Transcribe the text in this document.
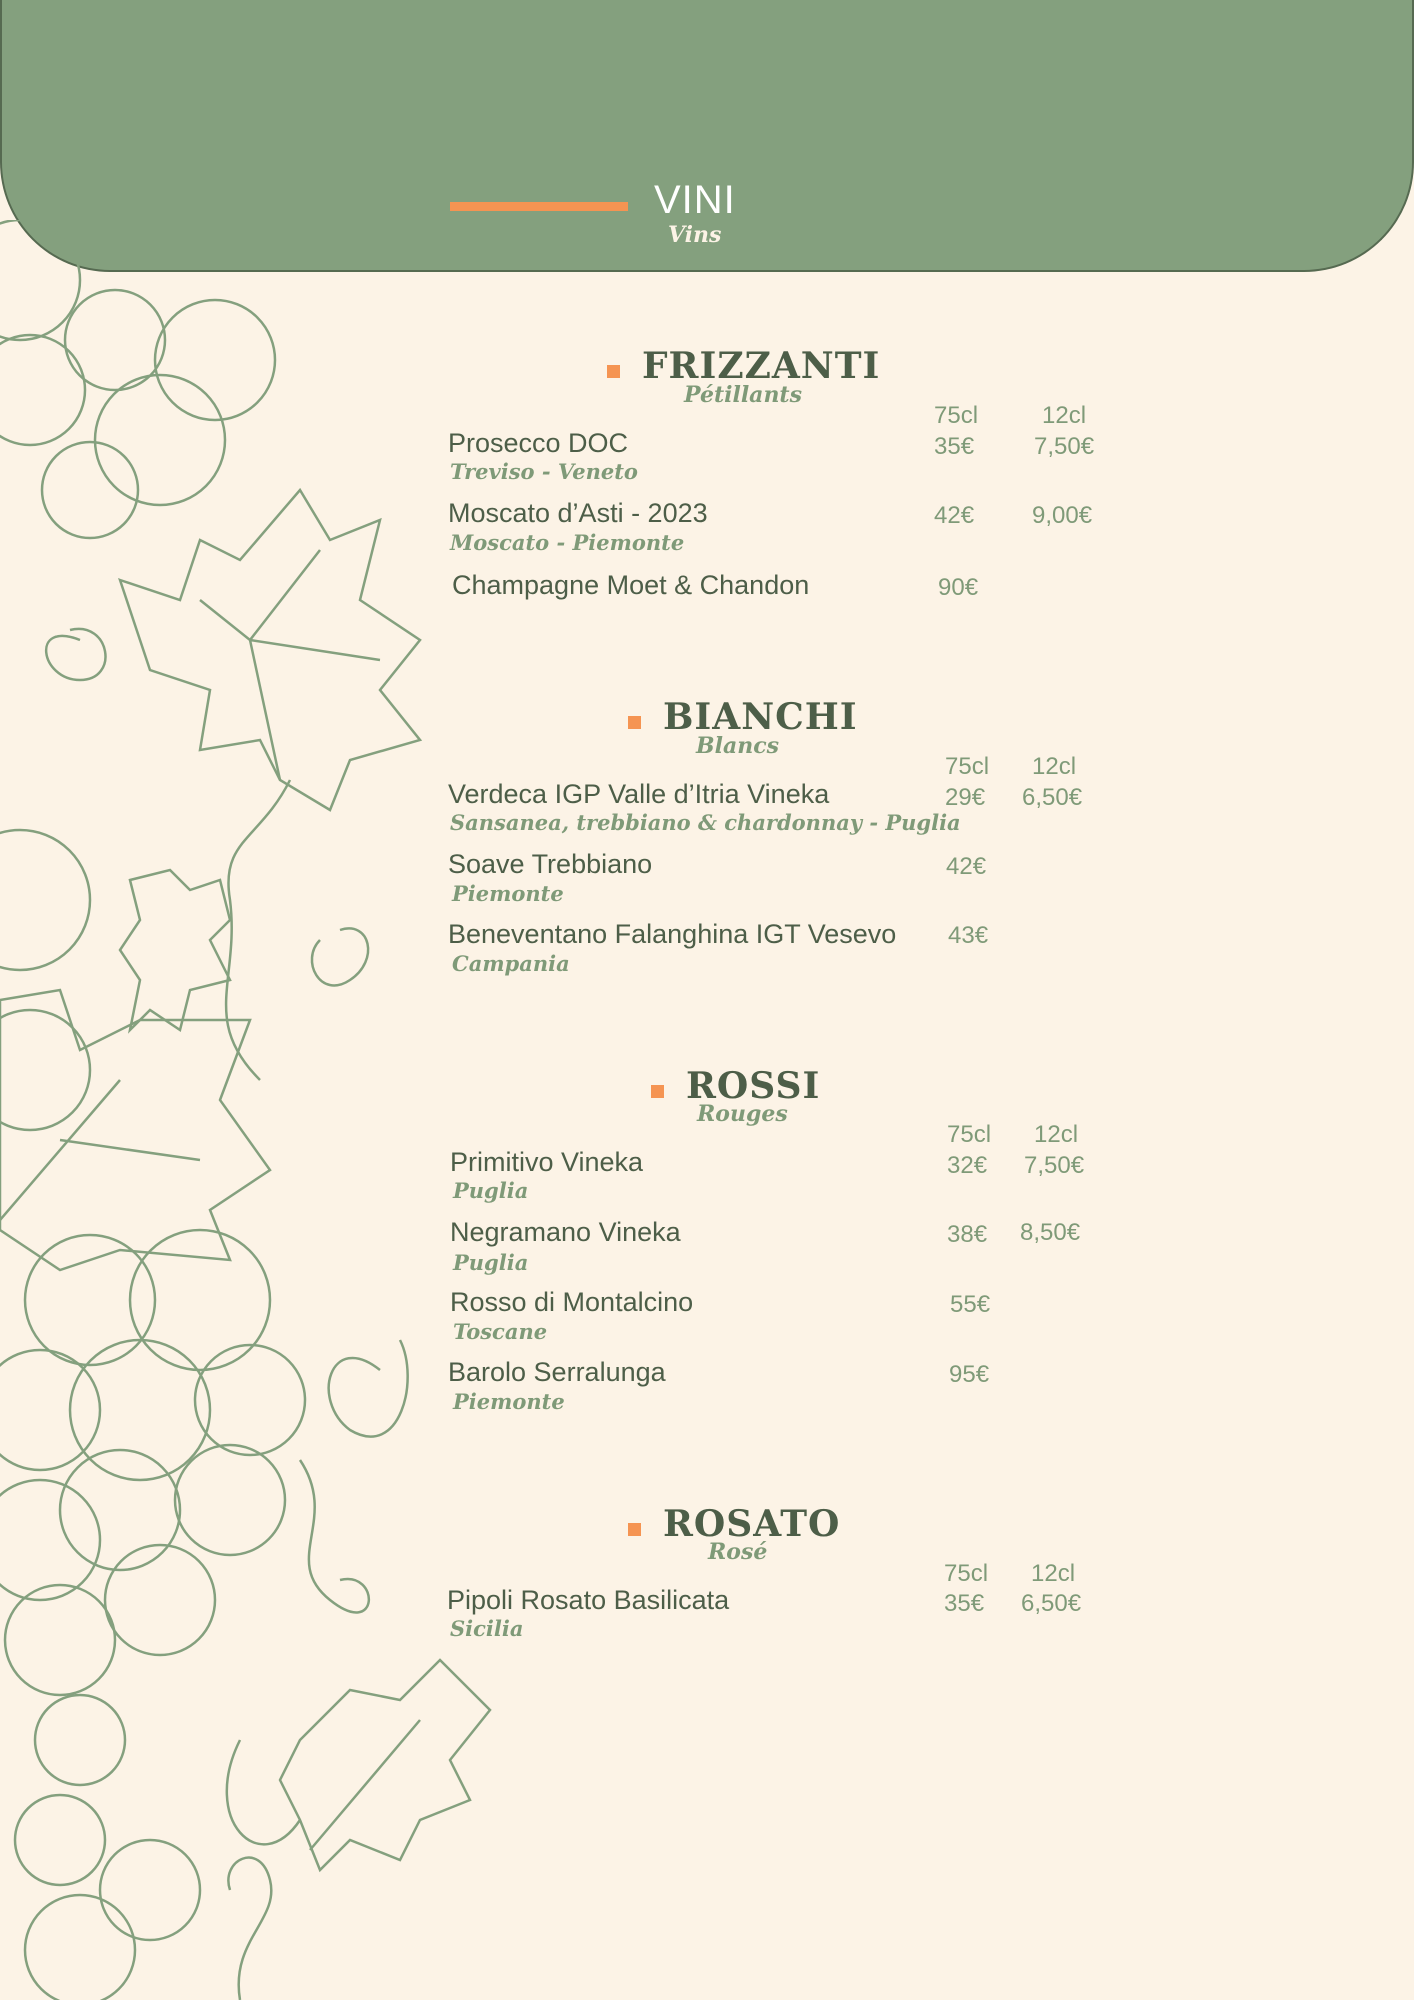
VINI
Vins
FRIZZANTI
Pétillants
75cl	12cl
Prosecco DOC
Treviso - Veneto
35€ 7,50€
Moscato d’Asti - 2023
Moscato - Piemonte
42€ 9,00€
Champagne Moet & Chandon	90€
BIANCHI
Blancs
75cl 12cl
Verdeca IGP Valle d’Itria Vineka
Sansanea, trebbiano & chardonnay - Puglia
29€ 6,50€
Soave Trebbiano
Piemonte
42€
Beneventano Falanghina IGT Vesevo
Campania
43€
ROSSI
Rouges
75cl 12cl
Primitivo Vineka
Puglia
32€ 7,50€
Negramano Vineka
Puglia
38€ 8,50€
Rosso di Montalcino
Toscane
55€
Barolo Serralunga
Piemonte
95€
ROSATO
Rosé
75cl 12cl
Pipoli Rosato Basilicata
Sicilia
35€ 6,50€
